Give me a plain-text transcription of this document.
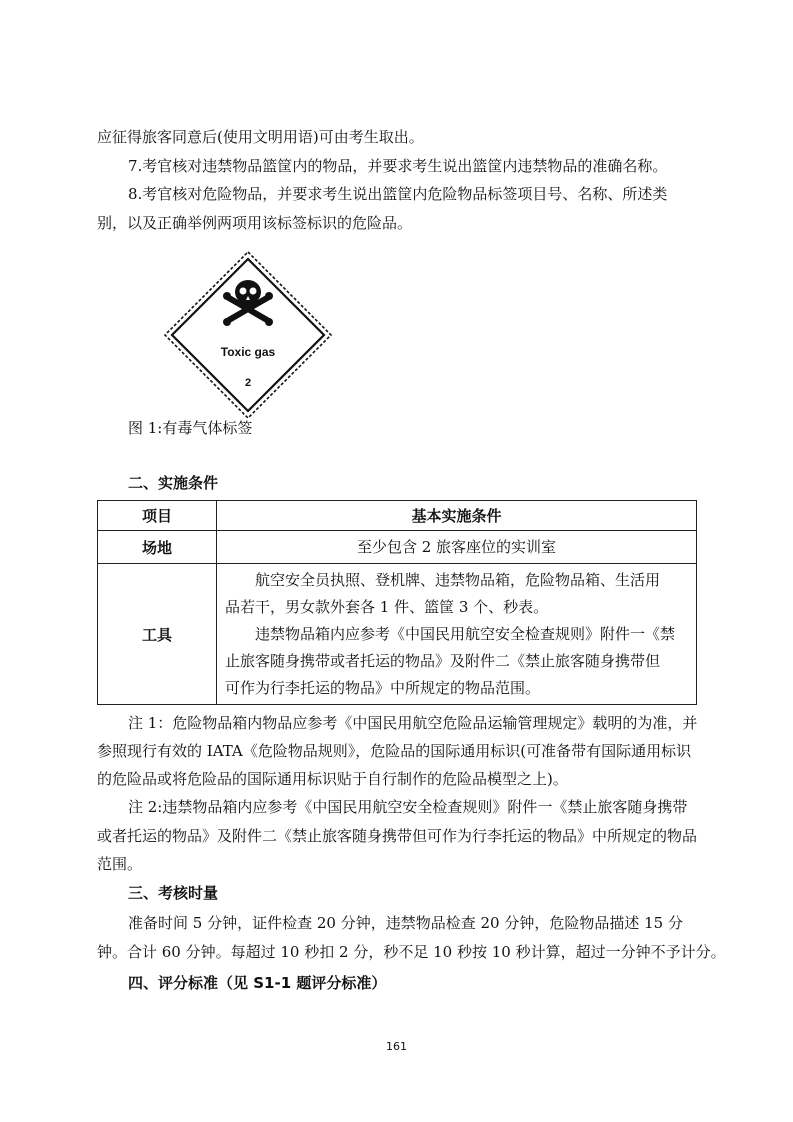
应征得旅客同意后(使用文明用语)可由考生取出。
7.考官核对违禁物品篮筐内的物品，并要求考生说出篮筐内违禁物品的准确名称。
8.考官核对危险物品，并要求考生说出篮筐内危险物品标签项目号、名称、所述类
别，以及正确举例两项用该标签标识的危险品。
Toxic gas
2
图 1:有毒气体标签
二、实施条件
项目	基本实施条件
场地	至少包含 2 旅客座位的实训室
工具	航空安全员执照、登机牌、违禁物品箱，危险物品箱、生活用
品若干，男女款外套各 1 件、篮筐 3 个、秒表。
违禁物品箱内应参考《中国民用航空安全检查规则》附件一《禁
止旅客随身携带或者托运的物品》及附件二《禁止旅客随身携带但
可作为行李托运的物品》中所规定的物品范围。
注 1：危险物品箱内物品应参考《中国民用航空危险品运输管理规定》载明的为准，并
参照现行有效的 IATA《危险物品规则》，危险品的国际通用标识(可准备带有国际通用标识
的危险品或将危险品的国际通用标识贴于自行制作的危险品模型之上)。
注 2:违禁物品箱内应参考《中国民用航空安全检查规则》附件一《禁止旅客随身携带
或者托运的物品》及附件二《禁止旅客随身携带但可作为行李托运的物品》中所规定的物品
范围。
三、考核时量
准备时间 5 分钟，证件检查 20 分钟，违禁物品检查 20 分钟，危险物品描述 15 分
钟。合计 60 分钟。每超过 10 秒扣 2 分，秒不足 10 秒按 10 秒计算，超过一分钟不予计分。
四、评分标准（见 S1-1 题评分标准）
161
